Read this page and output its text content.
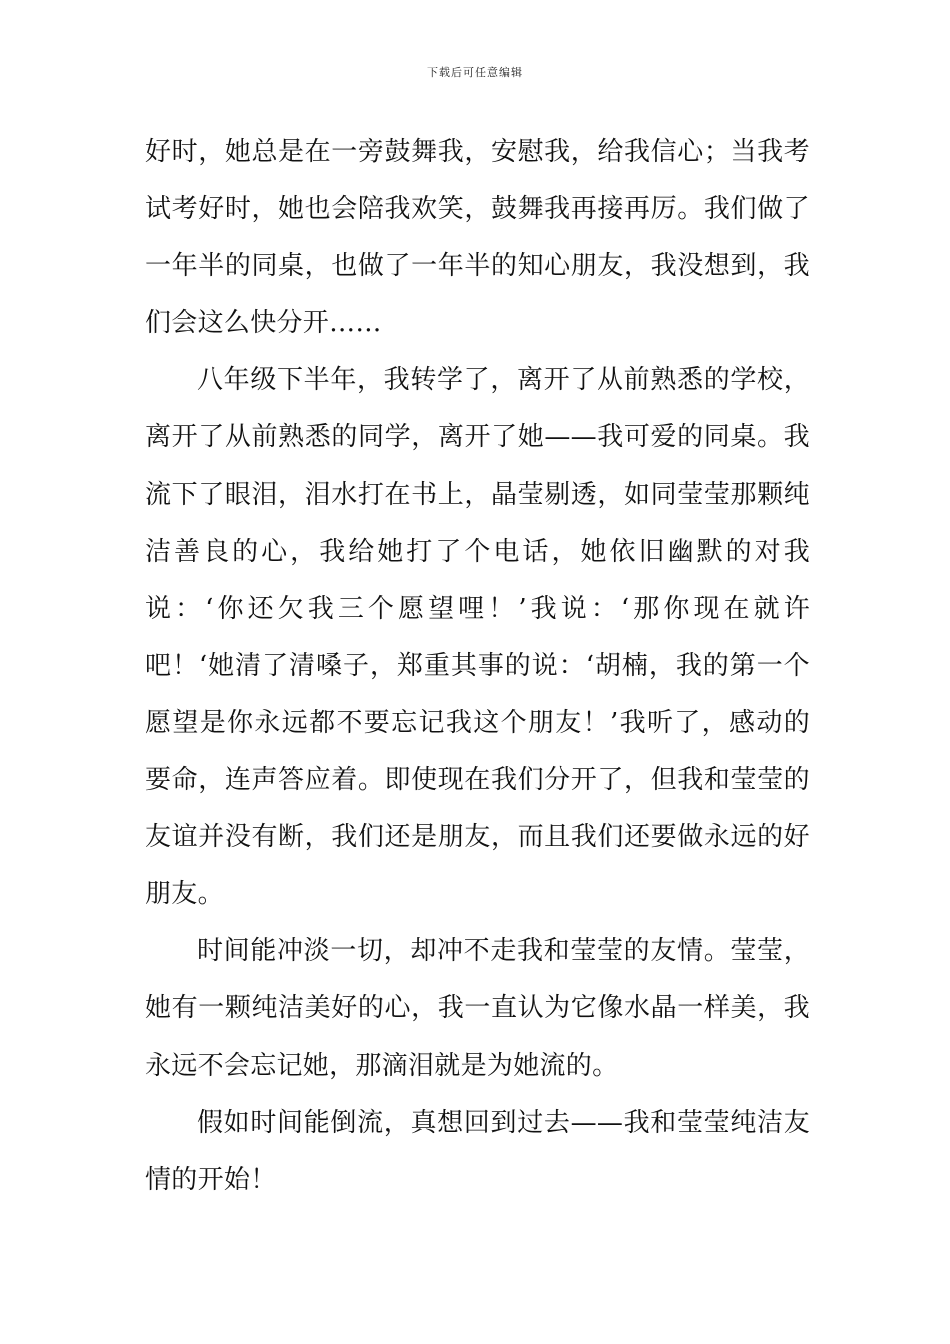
下载后可任意编辑

好时，她总是在一旁鼓舞我，安慰我，给我信心；当我考试考好时，她也会陪我欢笑，鼓舞我再接再厉。我们做了一年半的同桌，也做了一年半的知心朋友，我没想到，我们会这么快分开……

八年级下半年，我转学了，离开了从前熟悉的学校，离开了从前熟悉的同学，离开了她——我可爱的同桌。我流下了眼泪，泪水打在书上，晶莹剔透，如同莹莹那颗纯洁善良的心，我给她打了个电话，她依旧幽默的对我说：‘你还欠我三个愿望哩！’我说：‘那你现在就许吧！‘她清了清嗓子，郑重其事的说：‘胡楠，我的第一个愿望是你永远都不要忘记我这个朋友！’我听了，感动的要命，连声答应着。即使现在我们分开了，但我和莹莹的友谊并没有断，我们还是朋友，而且我们还要做永远的好朋友。

时间能冲淡一切，却冲不走我和莹莹的友情。莹莹，她有一颗纯洁美好的心，我一直认为它像水晶一样美，我永远不会忘记她，那滴泪就是为她流的。

假如时间能倒流，真想回到过去——我和莹莹纯洁友情的开始！
